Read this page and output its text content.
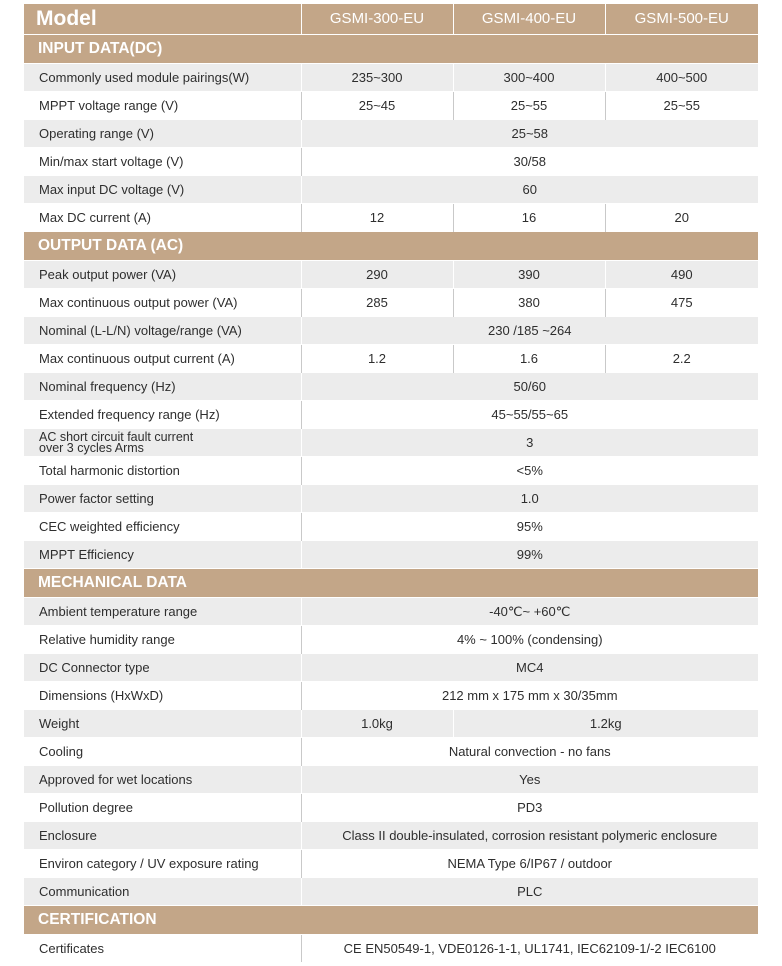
Model	GSMI-300-EU	GSMI-400-EU	GSMI-500-EU
INPUT DATA(DC)			
Commonly used module pairings(W)	235~300	300~400	400~500
MPPT voltage range (V)	25~45	25~55	25~55
Operating range (V)	25~58		
Min/max start voltage (V)	30/58		
Max input DC voltage (V)	60		
Max DC current (A)	12	16	20
OUTPUT DATA (AC)			
Peak output power (VA)	290	390	490
Max continuous output power (VA)	285	380	475
Nominal (L-L/N) voltage/range (VA)	230 /185 ~264		
Max continuous output current (A)	1.2	1.6	2.2
Nominal frequency (Hz)	50/60		
Extended frequency range (Hz)	45~55/55~65		
AC short circuit fault current
over 3 cycles Arms	3		
Total harmonic distortion	<5%		
Power factor setting	1.0		
CEC weighted efficiency	95%		
MPPT Efficiency	99%		
MECHANICAL DATA			
Ambient temperature range	-40℃~ +60℃		
Relative humidity range	4% ~ 100% (condensing)		
DC Connector type	MC4		
Dimensions (HxWxD)	212 mm x 175 mm x 30/35mm		
Weight	1.0kg	1.2kg	
Cooling	Natural convection - no fans		
Approved for wet locations	Yes		
Pollution degree	PD3		
Enclosure	Class II double-insulated, corrosion resistant polymeric enclosure		
Environ category / UV exposure rating	NEMA Type 6/IP67 / outdoor		
Communication	PLC		
CERTIFICATION			
Certificates	CE EN50549-1, VDE0126-1-1, UL1741, IEC62109-1/-2 IEC6100		
